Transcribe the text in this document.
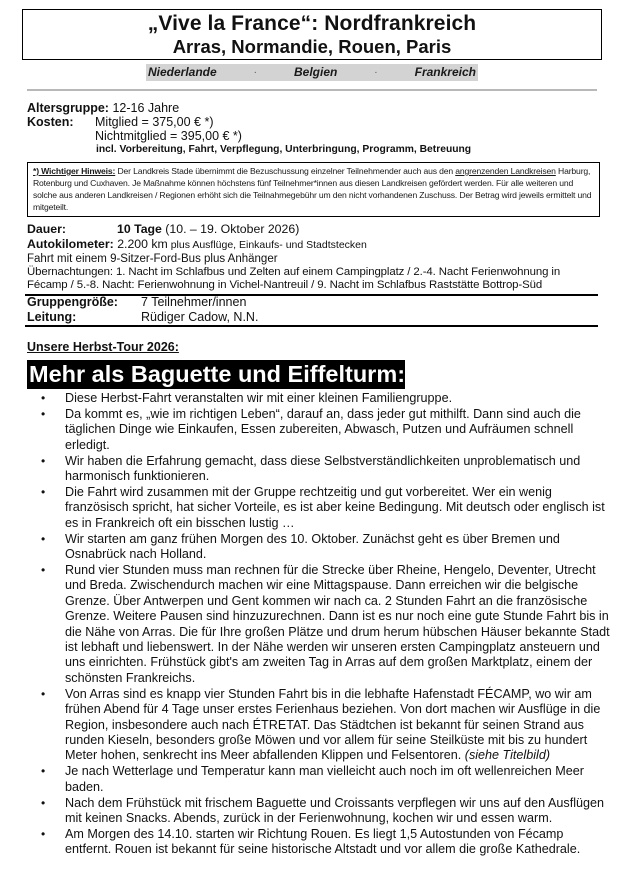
„Vive la France“: Nordfrankreich
Arras, Normandie, Rouen, Paris
Niederlande	·	Belgien	·	Frankreich
Altersgruppe: 12-16 Jahre
Kosten: Mitglied = 375,00 € *)
Nichtmitglied = 395,00 € *)
incl. Vorbereitung, Fahrt, Verpflegung, Unterbringung, Programm, Betreuung
*) Wichtiger Hinweis: Der Landkreis Stade übernimmt die Bezuschussung einzelner Teilnehmender auch aus den angrenzenden Landkreisen Harburg, Rotenburg und Cuxhaven. Je Maßnahme können höchstens fünf Teilnehmer*innen aus diesen Landkreisen gefördert werden. Für alle weiteren und solche aus anderen Landkreisen / Regionen erhöht sich die Teilnahmegebühr um den nicht vorhandenen Zuschuss. Der Betrag wird jeweils ermittelt und mitgeteilt.
Dauer:	10 Tage (10. – 19. Oktober 2026)
Autokilometer: 2.200 km plus Ausflüge, Einkaufs- und Stadtstecken
Fahrt mit einem 9-Sitzer-Ford-Bus plus Anhänger
Übernachtungen: 1. Nacht im Schlafbus und Zelten auf einem Campingplatz / 2.-4. Nacht Ferienwohnung in Fécamp / 5.-8. Nacht: Ferienwohnung in Vichel-Nantreuil / 9. Nacht im Schlafbus Raststätte Bottrop-Süd
Gruppengröße: 7 Teilnehmer/innen
Leitung:	Rüdiger Cadow, N.N.
Unsere Herbst-Tour 2026:
Mehr als Baguette und Eiffelturm:
• Diese Herbst-Fahrt veranstalten wir mit einer kleinen Familiengruppe.
• Da kommt es, „wie im richtigen Leben“, darauf an, dass jeder gut mithilft. Dann sind auch die täglichen Dinge wie Einkaufen, Essen zubereiten, Abwasch, Putzen und Aufräumen schnell erledigt.
• Wir haben die Erfahrung gemacht, dass diese Selbstverständlichkeiten unproblematisch und harmonisch funktionieren.
• Die Fahrt wird zusammen mit der Gruppe rechtzeitig und gut vorbereitet. Wer ein wenig französisch spricht, hat sicher Vorteile, es ist aber keine Bedingung. Mit deutsch oder englisch ist es in Frankreich oft ein bisschen lustig …
• Wir starten am ganz frühen Morgen des 10. Oktober. Zunächst geht es über Bremen und Osnabrück nach Holland.
• Rund vier Stunden muss man rechnen für die Strecke über Rheine, Hengelo, Deventer, Utrecht und Breda. Zwischendurch machen wir eine Mittagspause. Dann erreichen wir die belgische Grenze. Über Antwerpen und Gent kommen wir nach ca. 2 Stunden Fahrt an die französische Grenze. Weitere Pausen sind hinzuzurechnen. Dann ist es nur noch eine gute Stunde Fahrt bis in die Nähe von Arras. Die für Ihre großen Plätze und drum herum hübschen Häuser bekannte Stadt ist lebhaft und liebenswert. In der Nähe werden wir unseren ersten Campingplatz ansteuern und uns einrichten. Frühstück gibt's am zweiten Tag in Arras auf dem großen Marktplatz, einem der schönsten Frankreichs.
• Von Arras sind es knapp vier Stunden Fahrt bis in die lebhafte Hafenstadt FÉCAMP, wo wir am frühen Abend für 4 Tage unser erstes Ferienhaus beziehen. Von dort machen wir Ausflüge in die Region, insbesondere auch nach ÉTRETAT. Das Städtchen ist bekannt für seinen Strand aus runden Kieseln, besonders große Möwen und vor allem für seine Steilküste mit bis zu hundert Meter hohen, senkrecht ins Meer abfallenden Klippen und Felsentoren. (siehe Titelbild)
• Je nach Wetterlage und Temperatur kann man vielleicht auch noch im oft wellenreichen Meer baden.
• Nach dem Frühstück mit frischem Baguette und Croissants verpflegen wir uns auf den Ausflügen mit keinen Snacks. Abends, zurück in der Ferienwohnung, kochen wir und essen warm.
• Am Morgen des 14.10. starten wir Richtung Rouen. Es liegt 1,5 Autostunden von Fécamp entfernt. Rouen ist bekannt für seine historische Altstadt und vor allem die große Kathedrale.
